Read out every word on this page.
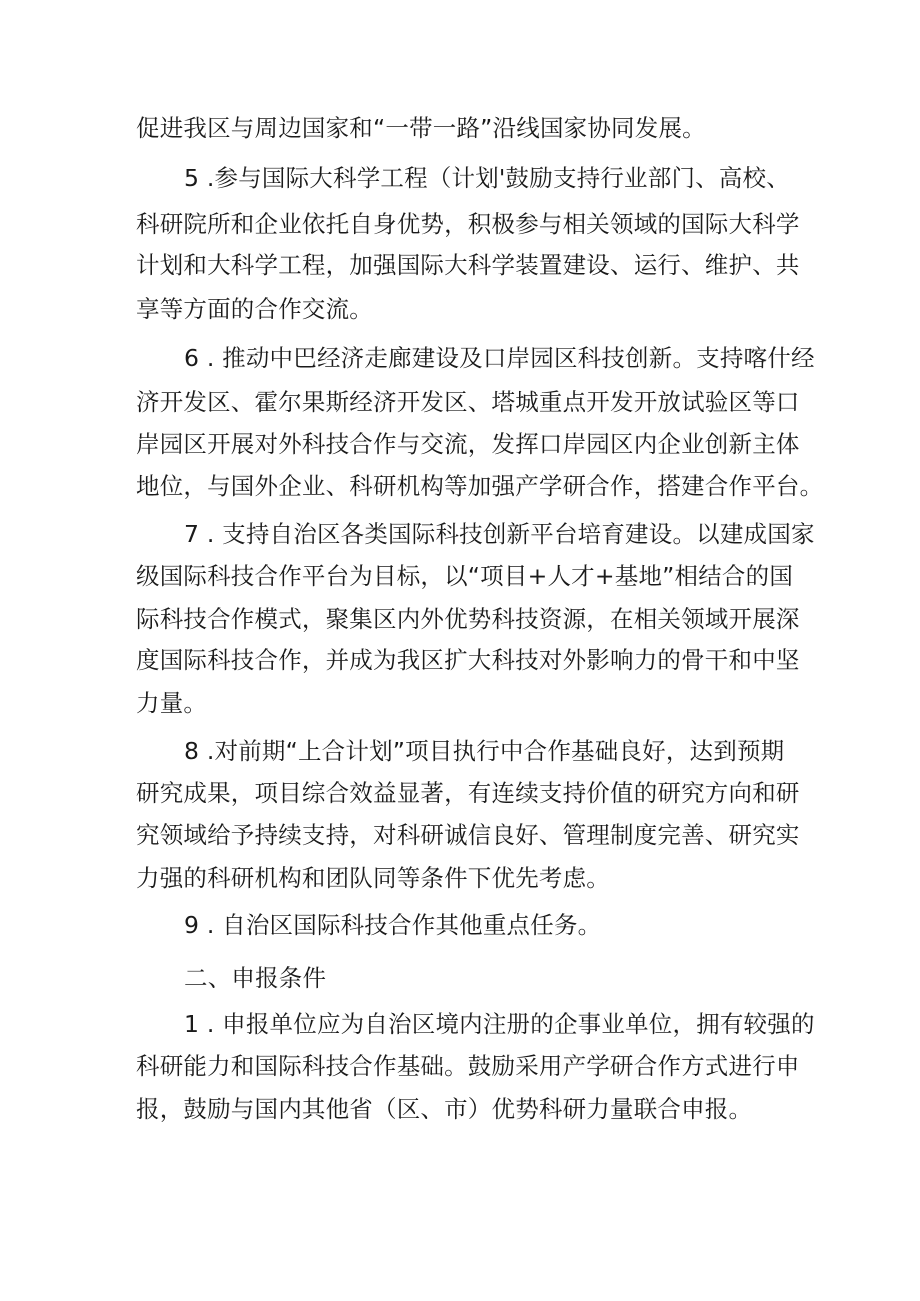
促进我区与周边国家和“一带一路”沿线国家协同发展。
5 .参与国际大科学工程（计划'鼓励支持行业部门、高校、
科研院所和企业依托自身优势，积极参与相关领域的国际大科学
计划和大科学工程，加强国际大科学装置建设、运行、维护、共
享等方面的合作交流。
6 . 推动中巴经济走廊建设及口岸园区科技创新。支持喀什经
济开发区、霍尔果斯经济开发区、塔城重点开发开放试验区等口
岸园区开展对外科技合作与交流，发挥口岸园区内企业创新主体
地位，与国外企业、科研机构等加强产学研合作，搭建合作平台。
7 . 支持自治区各类国际科技创新平台培育建设。以建成国家
级国际科技合作平台为目标，以“项目+人才+基地”相结合的国
际科技合作模式，聚集区内外优势科技资源，在相关领域开展深
度国际科技合作，并成为我区扩大科技对外影响力的骨干和中坚
力量。
8 .对前期“上合计划”项目执行中合作基础良好，达到预期
研究成果，项目综合效益显著，有连续支持价值的研究方向和研
究领域给予持续支持，对科研诚信良好、管理制度完善、研究实
力强的科研机构和团队同等条件下优先考虑。
9 . 自治区国际科技合作其他重点任务。
二、申报条件
1 . 申报单位应为自治区境内注册的企事业单位，拥有较强的
科研能力和国际科技合作基础。鼓励采用产学研合作方式进行申
报，鼓励与国内其他省（区、市）优势科研力量联合申报。
